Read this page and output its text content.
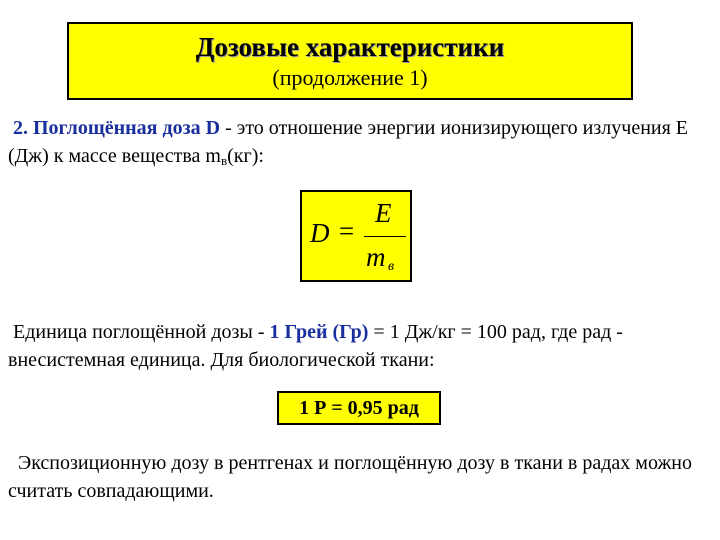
Дозовые характеристики
(продолжение 1)
2. Поглощённая доза D - это отношение энергии ионизирующего излучения E (Дж) к массе вещества $m_в(кг)$:
D =
E
m в
Единица поглощённой дозы - 1 Грей (Гр) = 1 Дж/кг = 100 рад, где рад - внесистемная единица. Для биологической ткани:
1 Р = 0,95 рад
Экспозиционную дозу в рентгенах и поглощённую дозу в ткани в радах можно считать совпадающими.
